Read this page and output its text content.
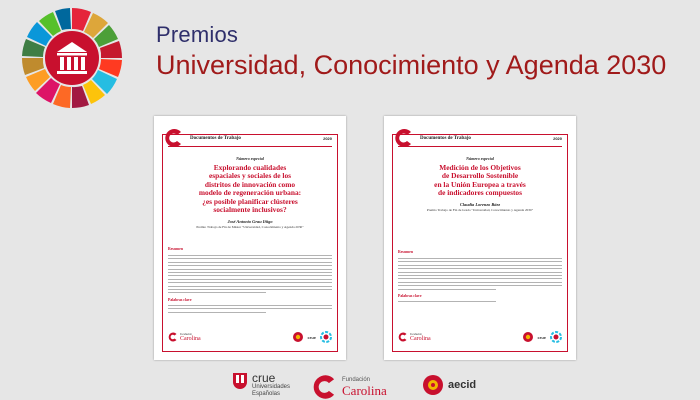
Premios
Universidad, Conocimiento y Agenda 2030
Documentos de Trabajo	2020
Número especial
Explorando cualidades
espaciales y sociales de los
distritos de innovación como
modelo de regeneración urbana:
¿es posible planificar clústeres
socialmente inclusivos?
José Antonio Grau Iñigo
Premio Trabajo de Fin de Máster "Universidad, Conocimiento y Agenda 2030"
Resumen
Palabras clave
Fundación
Carolina	crue
Documentos de Trabajo	2020
Número especial
Medición de los Objetivos
de Desarrollo Sostenible
en la Unión Europea a través
de indicadores compuestos
Claudia Lorenzo Báez
Premio Trabajo de Fin de Grado "Universidad, Conocimiento y Agenda 2030"
Resumen
Palabras clave
Fundación
Carolina	crue
crue
Universidades
Españolas
Fundación
Carolina	aecid
